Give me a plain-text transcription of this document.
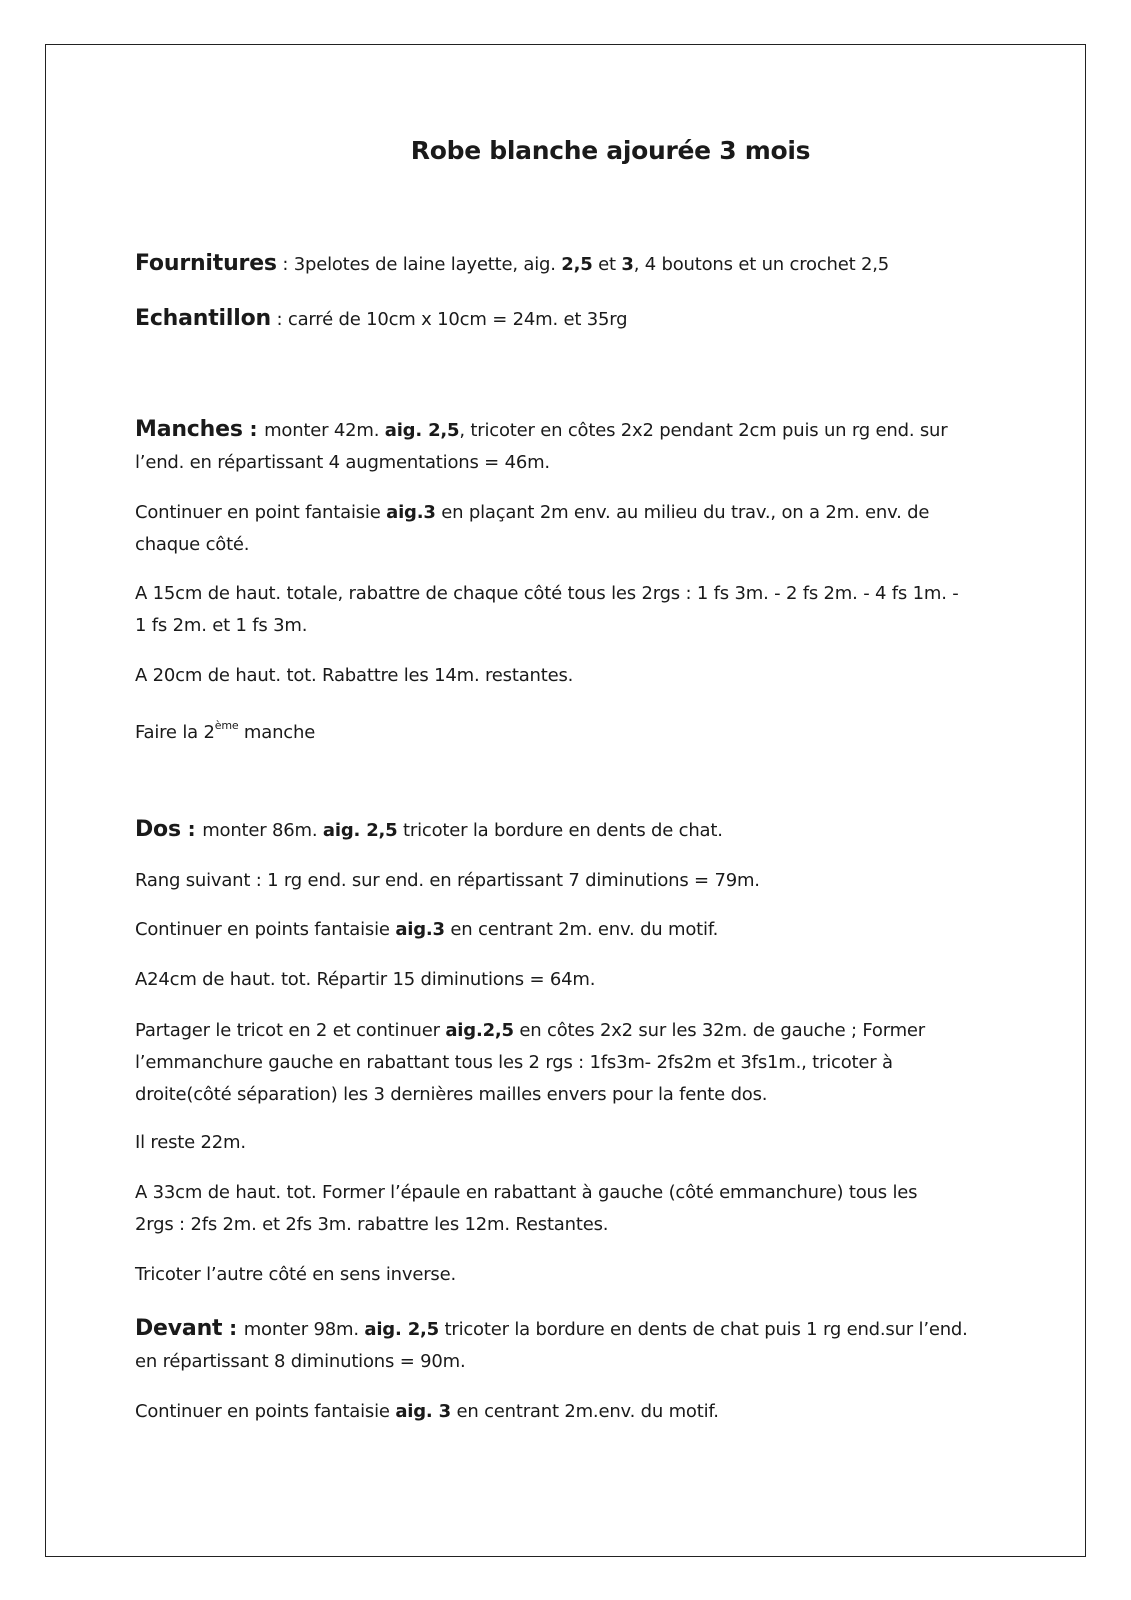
Robe blanche ajourée 3 mois
Fournitures : 3pelotes de laine layette, aig. 2,5 et 3, 4 boutons et un crochet 2,5
Echantillon : carré de 10cm x 10cm = 24m. et 35rg
Manches : monter 42m. aig. 2,5, tricoter en côtes 2x2 pendant 2cm puis un rg end. sur
l’end. en répartissant 4 augmentations = 46m.
Continuer en point fantaisie aig.3 en plaçant 2m env. au milieu du trav., on a 2m. env. de
chaque côté.
A 15cm de haut. totale, rabattre de chaque côté tous les 2rgs : 1 fs 3m. - 2 fs 2m. - 4 fs 1m. -
1 fs 2m. et 1 fs 3m.
A 20cm de haut. tot. Rabattre les 14m. restantes.
Faire la 2ème manche
Dos : monter 86m. aig. 2,5 tricoter la bordure en dents de chat.
Rang suivant : 1 rg end. sur end. en répartissant 7 diminutions = 79m.
Continuer en points fantaisie aig.3 en centrant 2m. env. du motif.
A24cm de haut. tot. Répartir 15 diminutions = 64m.
Partager le tricot en 2 et continuer aig.2,5 en côtes 2x2 sur les 32m. de gauche ; Former
l’emmanchure gauche en rabattant tous les 2 rgs : 1fs3m- 2fs2m et 3fs1m., tricoter à
droite(côté séparation) les 3 dernières mailles envers pour la fente dos.
Il reste 22m.
A 33cm de haut. tot. Former l’épaule en rabattant à gauche (côté emmanchure) tous les
2rgs : 2fs 2m. et 2fs 3m. rabattre les 12m. Restantes.
Tricoter l’autre côté en sens inverse.
Devant : monter 98m. aig. 2,5 tricoter la bordure en dents de chat puis 1 rg end.sur l’end.
en répartissant 8 diminutions = 90m.
Continuer en points fantaisie aig. 3 en centrant 2m.env. du motif.
